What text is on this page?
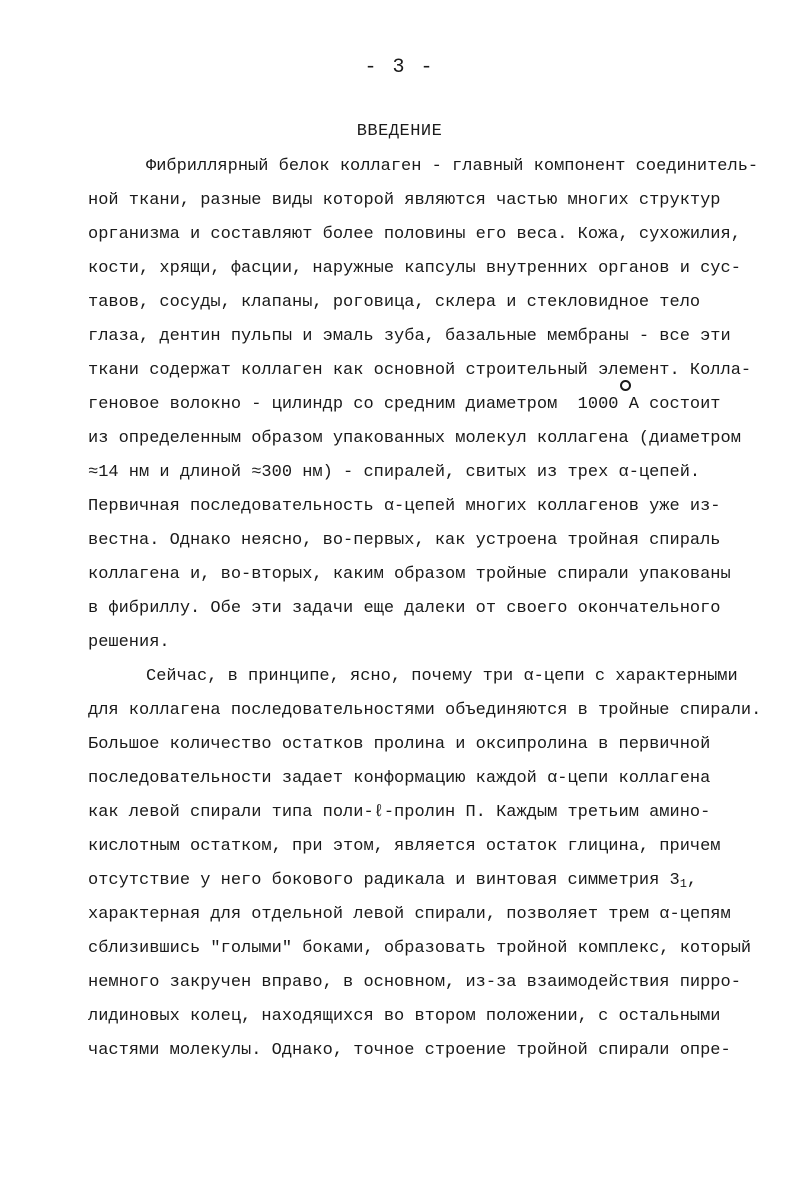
- 3 -
ВВЕДЕНИЕ
Фибриллярный белок коллаген - главный компонент соединитель-
ной ткани, разные виды которой являются частью многих структур
организма и составляют более половины его веса. Кожа, сухожилия,
кости, хрящи, фасции, наружные капсулы внутренних органов и сус-
тавов, сосуды, клапаны, роговица, склера и стекловидное тело
глаза, дентин пульпы и эмаль зуба, базальные мембраны - все эти
ткани содержат коллаген как основной строительный элемент. Колла-
геновое волокно - цилиндр со средним диаметром  1000 А состоит
из определенным образом упакованных молекул коллагена (диаметром
≈14 нм и длиной ≈300 нм) - спиралей, свитых из трех α-цепей.
Первичная последовательность α-цепей многих коллагенов уже из-
вестна. Однако неясно, во-первых, как устроена тройная спираль
коллагена и, во-вторых, каким образом тройные спирали упакованы
в фибриллу. Обе эти задачи еще далеки от своего окончательного
решения.
Сейчас, в принципе, ясно, почему три α-цепи с характерными
для коллагена последовательностями объединяются в тройные спирали.
Большое количество остатков пролина и оксипролина в первичной
последовательности задает конформацию каждой α-цепи коллагена
как левой спирали типа поли-ℓ-пролин П. Каждым третьим амино-
кислотным остатком, при этом, является остаток глицина, причем
отсутствие у него бокового радикала и винтовая симметрия $3_1$,
характерная для отдельной левой спирали, позволяет трем α-цепям
сблизившись "голыми" боками, образовать тройной комплекс, который
немного закручен вправо, в основном, из-за взаимодействия пирро-
лидиновых колец, находящихся во втором положении, с остальными
частями молекулы. Однако, точное строение тройной спирали опре-
